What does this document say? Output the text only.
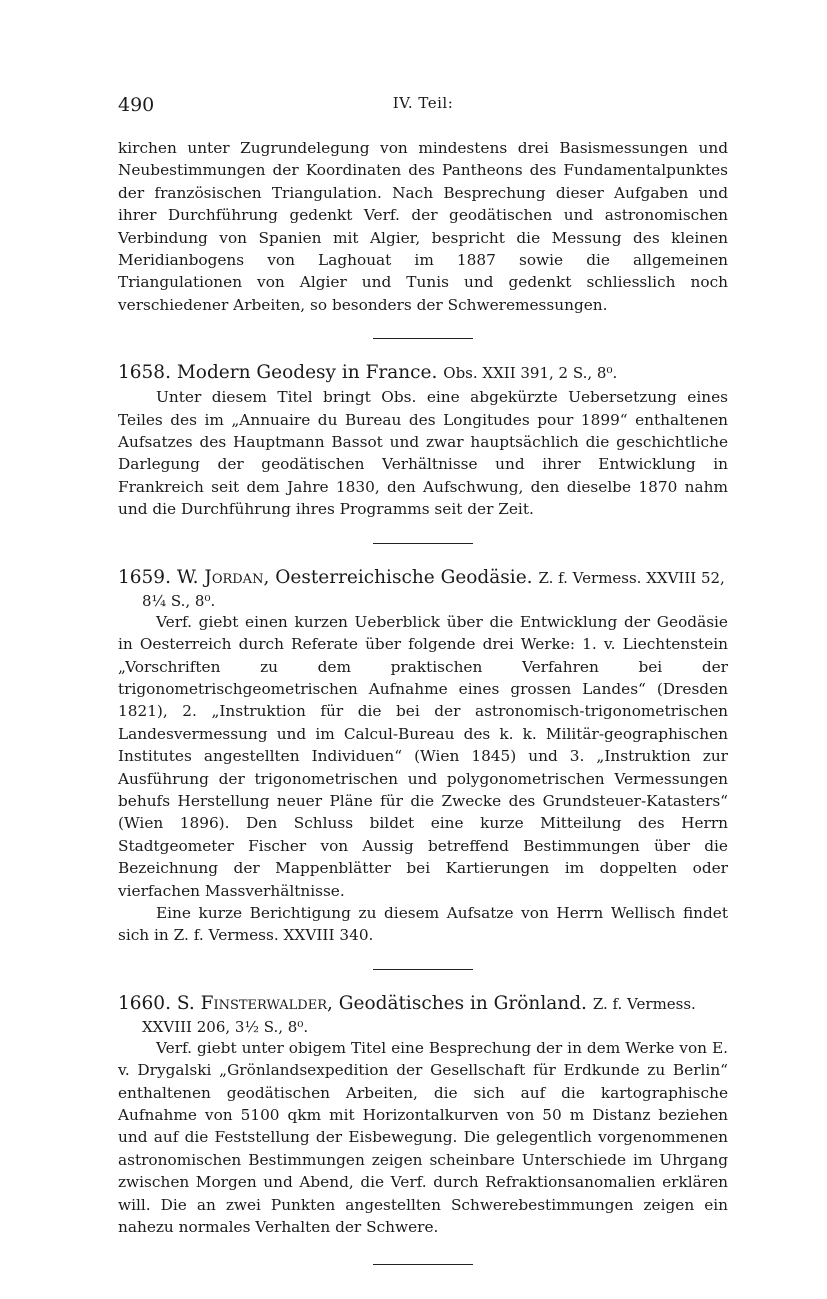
490	IV. Teil:

kirchen unter Zugrundelegung von mindestens drei Basismessungen und Neubestimmungen der Koordinaten des Pantheons des Fundamentalpunktes der französischen Triangulation. Nach Besprechung dieser Aufgaben und ihrer Durchführung gedenkt Verf. der geodätischen und astronomischen Verbindung von Spanien mit Algier, bespricht die Messung des kleinen Meridianbogens von Laghouat im 1887 sowie die allgemeinen Triangulationen von Algier und Tunis und gedenkt schliesslich noch verschiedener Arbeiten, so besonders der Schweremessungen.

1658. Modern Geodesy in France. Obs. XXII 391, 2 S., 8⁰.

Unter diesem Titel bringt Obs. eine abgekürzte Uebersetzung eines Teiles des im „Annuaire du Bureau des Longitudes pour 1899“ enthaltenen Aufsatzes des Hauptmann Bassot und zwar hauptsächlich die geschichtliche Darlegung der geodätischen Verhältnisse und ihrer Entwicklung in Frankreich seit dem Jahre 1830, den Aufschwung, den dieselbe 1870 nahm und die Durchführung ihres Programms seit der Zeit.

1659. W. Jordan, Oesterreichische Geodäsie. Z. f. Vermess. XXVIII 52,
8¼ S., 8⁰.

Verf. giebt einen kurzen Ueberblick über die Entwicklung der Geodäsie in Oesterreich durch Referate über folgende drei Werke: 1. v. Liechtenstein „Vorschriften zu dem praktischen Verfahren bei der trigonometrischgeometrischen Aufnahme eines grossen Landes“ (Dresden 1821), 2. „Instruktion für die bei der astronomisch-trigonometrischen Landesvermessung und im Calcul-Bureau des k. k. Militär-geographischen Institutes angestellten Individuen“ (Wien 1845) und 3. „Instruktion zur Ausführung der trigonometrischen und polygonometrischen Vermessungen behufs Herstellung neuer Pläne für die Zwecke des Grundsteuer-Katasters“ (Wien 1896). Den Schluss bildet eine kurze Mitteilung des Herrn Stadtgeometer Fischer von Aussig betreffend Bestimmungen über die Bezeichnung der Mappenblätter bei Kartierungen im doppelten oder vierfachen Massverhältnisse.

Eine kurze Berichtigung zu diesem Aufsatze von Herrn Wellisch findet sich in Z. f. Vermess. XXVIII 340.

1660. S. Finsterwalder, Geodätisches in Grönland. Z. f. Vermess.
XXVIII 206, 3½ S., 8⁰.

Verf. giebt unter obigem Titel eine Besprechung der in dem Werke von E. v. Drygalski „Grönlandsexpedition der Gesellschaft für Erdkunde zu Berlin“ enthaltenen geodätischen Arbeiten, die sich auf die kartographische Aufnahme von 5100 qkm mit Horizontalkurven von 50 m Distanz beziehen und auf die Feststellung der Eisbewegung. Die gelegentlich vorgenommenen astronomischen Bestimmungen zeigen scheinbare Unterschiede im Uhrgang zwischen Morgen und Abend, die Verf. durch Refraktionsanomalien erklären will. Die an zwei Punkten angestellten Schwerebestimmungen zeigen ein nahezu normales Verhalten der Schwere.
